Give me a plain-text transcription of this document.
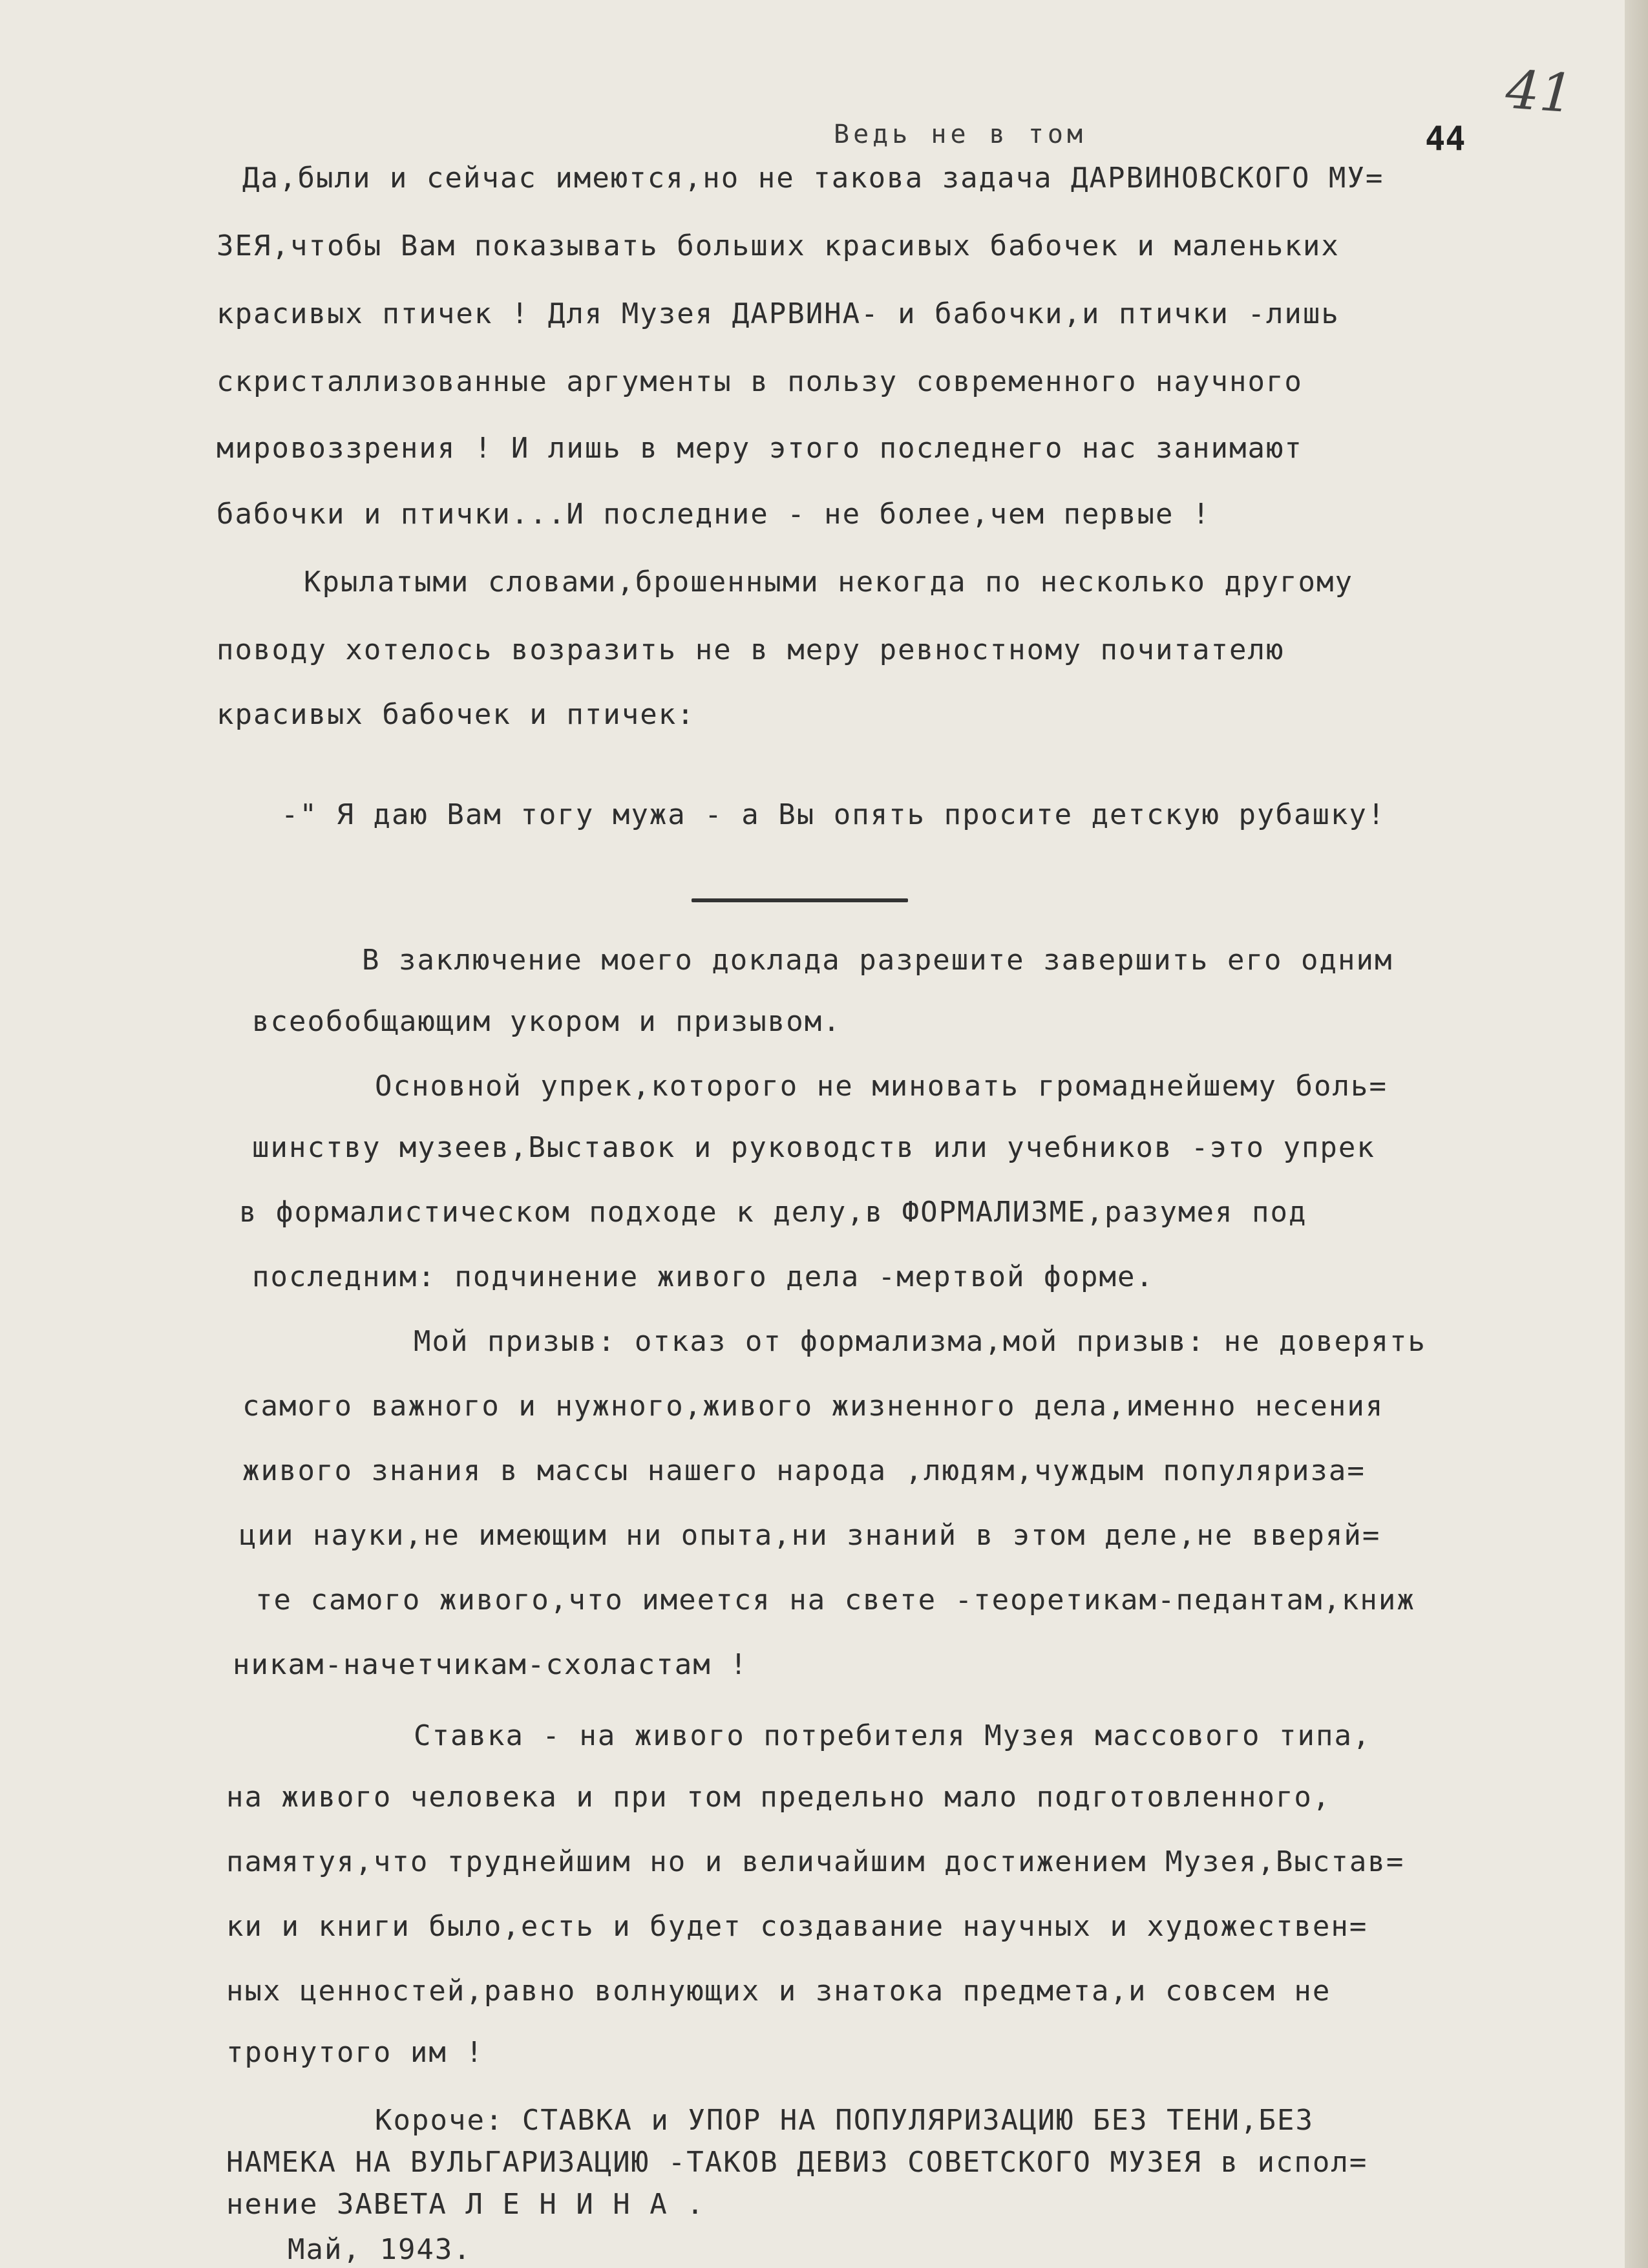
41
Ведь не в том	44
Да,были и сейчас имеются,но не такова задача ДАРВИНОВСКОГО МУ=
ЗЕЯ,чтобы Вам показывать больших красивых бабочек и маленьких
красивых птичек ! Для Музея ДАРВИНА- и бабочки,и птички -лишь
скристаллизованные аргументы в пользу современного научного
мировоззрения ! И лишь в меру этого последнего нас занимают
бабочки и птички...И последние - не более,чем первые !
Крылатыми словами,брошенными некогда по несколько другому
поводу хотелось возразить не в меру ревностному почитателю
красивых бабочек и птичек:
-" Я даю Вам тогу мужа - а Вы опять просите детскую рубашку!
В заключение моего доклада разрешите завершить его одним
всеобобщающим укором и призывом.
Основной упрек,которого не миновать громаднейшему боль=
шинству музеев,Выставок и руководств или учебников -это упрек
в формалистическом подходе к делу,в ФОРМАЛИЗМЕ,разумея под
последним: подчинение живого дела -мертвой форме.
Мой призыв: отказ от формализма,мой призыв: не доверять
самого важного и нужного,живого жизненного дела,именно несения
живого знания в массы нашего народа ,людям,чуждым популяриза=
ции науки,не имеющим ни опыта,ни знаний в этом деле,не вверяй=
те самого живого,что имеется на свете -теоретикам-педантам,книж
никам-начетчикам-схоластам !
Ставка - на живого потребителя Музея массового типа,
на живого человека и при том предельно мало подготовленного,
памятуя,что труднейшим но и величайшим достижением Музея,Выстав=
ки и книги было,есть и будет создавание научных и художествен=
ных ценностей,равно волнующих и знатока предмета,и совсем не
тронутого им !
Короче: СТАВКА и УПОР НА ПОПУЛЯРИЗАЦИЮ БЕЗ ТЕНИ,БЕЗ
НАМЕКА НА ВУЛЬГАРИЗАЦИЮ -ТАКОВ ДЕВИЗ СОВЕТСКОГО МУЗЕЯ в испол=
нение ЗАВЕТА Л Е Н И Н А .
Май, 1943.
